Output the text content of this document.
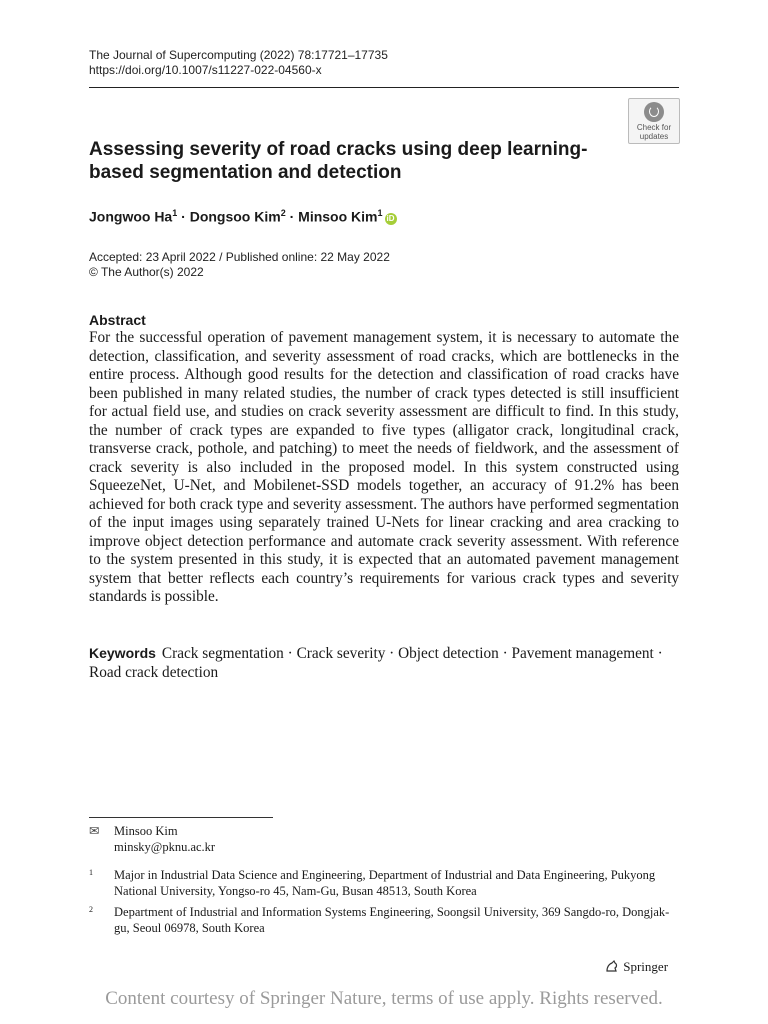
The Journal of Supercomputing (2022) 78:17721–17735
https://doi.org/10.1007/s11227-022-04560-x
Check for
updates
Assessing severity of road cracks using deep learning-based segmentation and detection
Jongwoo $Ha^1$ · Dongsoo Kim$^2$ · Minsoo Kim$^1$iD
Accepted: 23 April 2022 / Published online: 22 May 2022
© The Author(s) 2022
Abstract

For the successful operation of pavement management system, it is necessary to automate the detection, classification, and severity assessment of road cracks, which are bottlenecks in the entire process. Although good results for the detection and classification of road cracks have been published in many related studies, the number of crack types detected is still insufficient for actual field use, and studies on crack severity assessment are difficult to find. In this study, the number of crack types are expanded to five types (alligator crack, longitudinal crack, transverse crack, pothole, and patching) to meet the needs of fieldwork, and the assessment of crack severity is also included in the proposed model. In this system constructed using SqueezeNet, U-Net, and Mobilenet-SSD models together, an accuracy of 91.2% has been achieved for both crack type and severity assessment. The authors have performed segmentation of the input images using separately trained U-Nets for linear cracking and area cracking to improve object detection performance and automate crack severity assessment. With reference to the system presented in this study, it is expected that an automated pavement management system that better reflects each country’s requirements for various crack types and severity standards is possible.

Keywords Crack segmentation · Crack severity · Object detection · Pavement management · Road crack detection
✉	Minsoo Kim
minsky@pknu.ac.kr
1 Major in Industrial Data Science and Engineering, Department of Industrial and Data Engineering, Pukyong National University, Yongso-ro 45, Nam-Gu, Busan 48513, South Korea
2 Department of Industrial and Information Systems Engineering, Soongsil University, 369 Sangdo-ro, Dongjak-gu, Seoul 06978, South Korea
Springer
Content courtesy of Springer Nature, terms of use apply. Rights reserved.
